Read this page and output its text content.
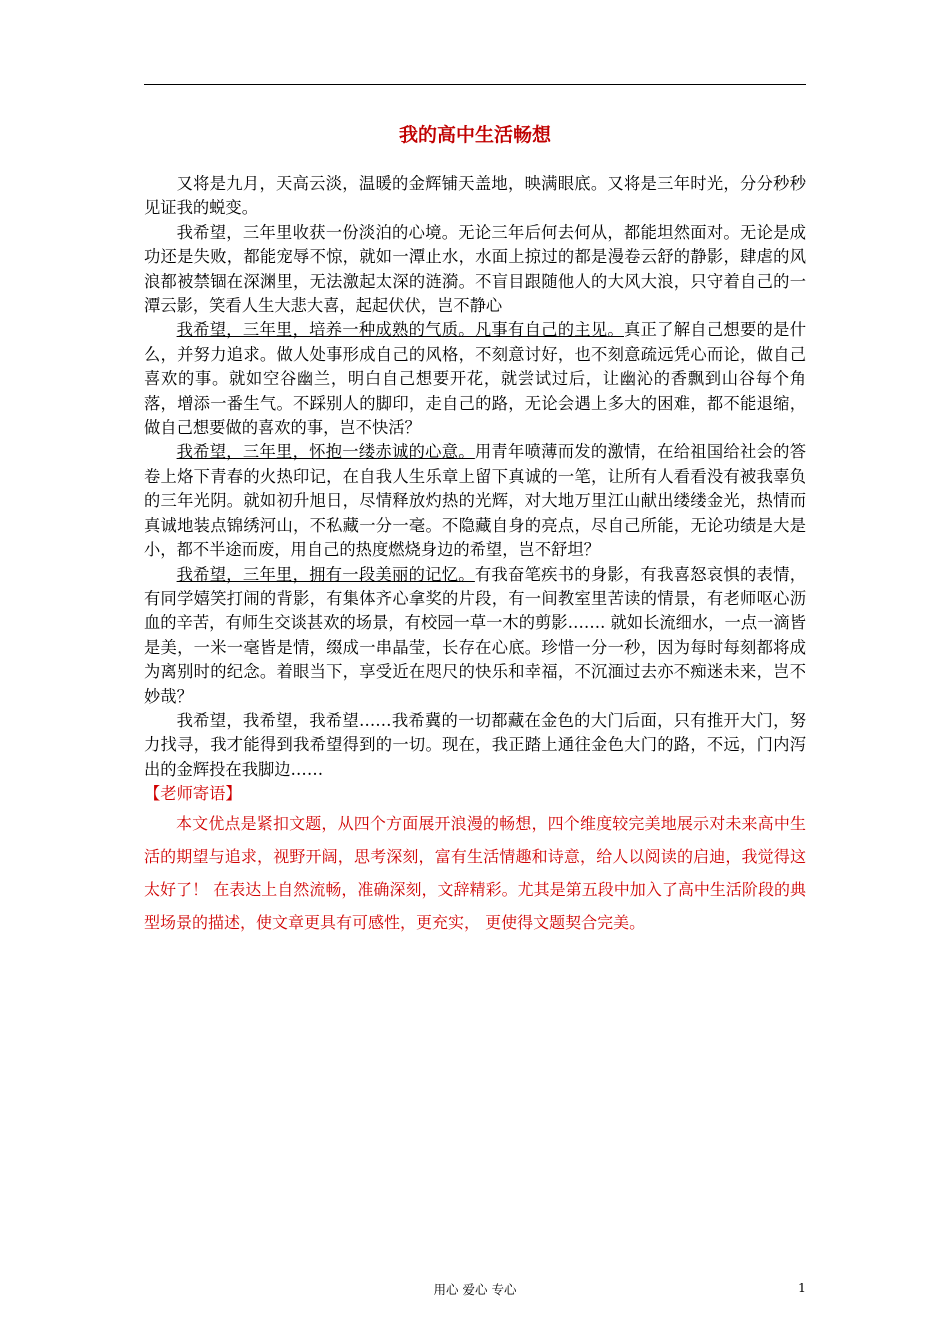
我的高中生活畅想

又将是九月，天高云淡，温暖的金辉铺天盖地，映满眼底。又将是三年时光，分分秒秒见证我的蜕变。

我希望，三年里收获一份淡泊的心境。无论三年后何去何从，都能坦然面对。无论是成功还是失败，都能宠辱不惊，就如一潭止水，水面上掠过的都是漫卷云舒的静影，肆虐的风浪都被禁锢在深渊里，无法激起太深的涟漪。不盲目跟随他人的大风大浪，只守着自己的一潭云影，笑看人生大悲大喜，起起伏伏，岂不静心

我希望，三年里，培养一种成熟的气质。凡事有自己的主见。真正了解自己想要的是什么，并努力追求。做人处事形成自己的风格，不刻意讨好，也不刻意疏远凭心而论，做自己喜欢的事。就如空谷幽兰，明白自己想要开花，就尝试过后，让幽沁的香飘到山谷每个角落，增添一番生气。不踩别人的脚印，走自己的路，无论会遇上多大的困难，都不能退缩，做自己想要做的喜欢的事，岂不快活？

我希望，三年里，怀抱一缕赤诚的心意。用青年喷薄而发的激情，在给祖国给社会的答卷上烙下青春的火热印记，在自我人生乐章上留下真诚的一笔，让所有人看看没有被我辜负的三年光阴。就如初升旭日，尽情释放灼热的光辉，对大地万里江山献出缕缕金光，热情而真诚地装点锦绣河山，不私藏一分一毫。不隐藏自身的亮点，尽自己所能，无论功绩是大是小，都不半途而废，用自己的热度燃烧身边的希望，岂不舒坦？

我希望，三年里，拥有一段美丽的记忆。有我奋笔疾书的身影，有我喜怒哀惧的表情，有同学嬉笑打闹的背影，有集体齐心拿奖的片段，有一间教室里苦读的情景，有老师呕心沥血的辛苦，有师生交谈甚欢的场景，有校园一草一木的剪影……. 就如长流细水，一点一滴皆是美，一米一毫皆是情，缀成一串晶莹，长存在心底。珍惜一分一秒，因为每时每刻都将成为离别时的纪念。着眼当下，享受近在咫尺的快乐和幸福，不沉湎过去亦不痴迷未来，岂不妙哉？

我希望，我希望，我希望……我希冀的一切都藏在金色的大门后面，只有推开大门，努力找寻，我才能得到我希望得到的一切。现在，我正踏上通往金色大门的路，不远，门内泻出的金辉投在我脚边……

【老师寄语】

本文优点是紧扣文题，从四个方面展开浪漫的畅想，四个维度较完美地展示对未来高中生活的期望与追求，视野开阔，思考深刻，富有生活情趣和诗意，给人以阅读的启迪，我觉得这太好了！ 在表达上自然流畅，准确深刻，文辞精彩。尤其是第五段中加入了高中生活阶段的典型场景的描述，使文章更具有可感性，更充实， 更使得文题契合完美。

用心 爱心 专心	1
